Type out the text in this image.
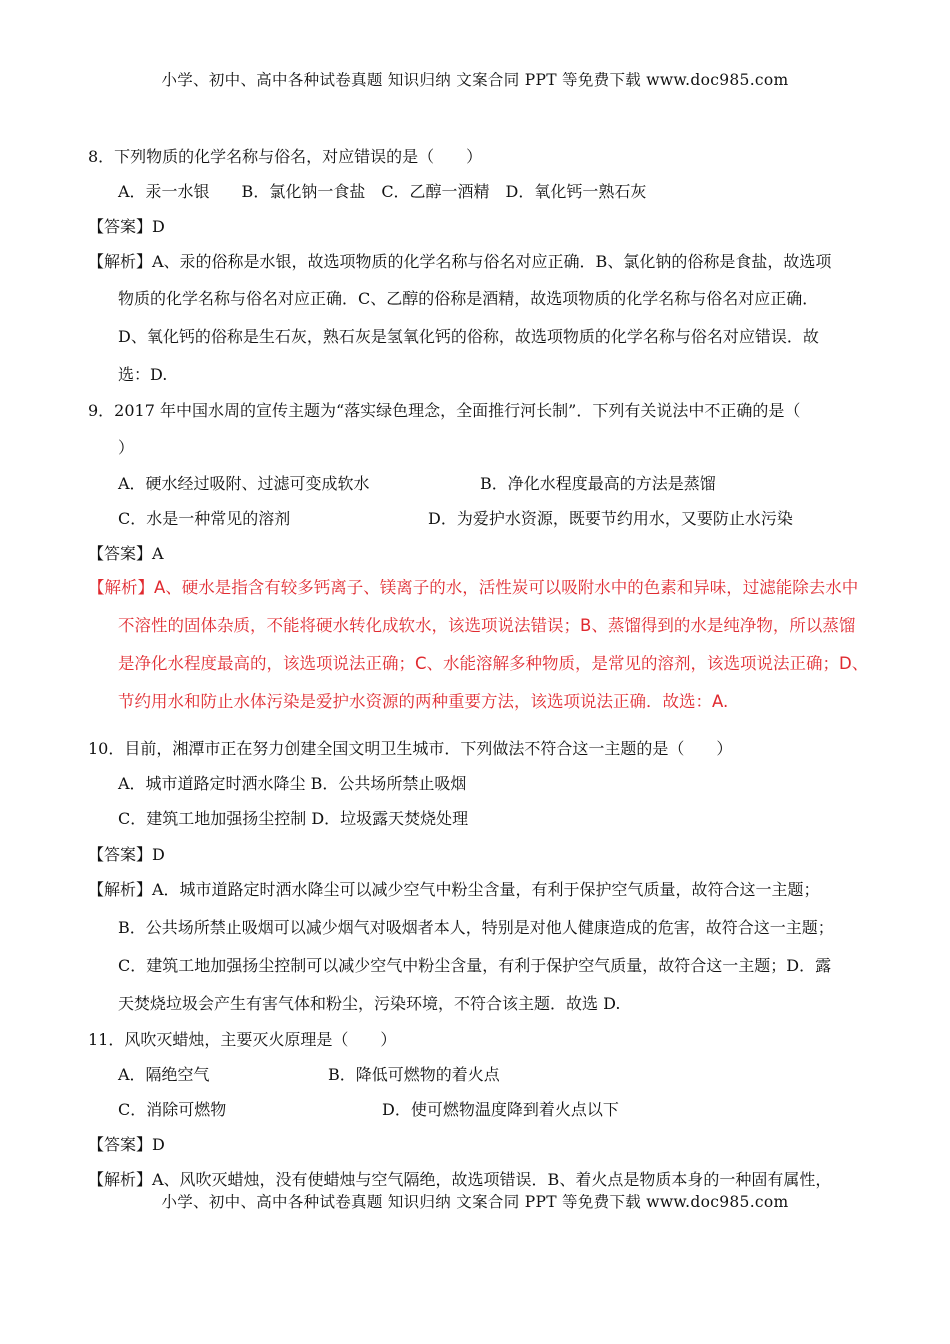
小学、初中、高中各种试卷真题 知识归纳 文案合同 PPT 等免费下载 www.doc985.com
8．下列物质的化学名称与俗名，对应错误的是（　　）
A．汞一水银　　B．氯化钠一食盐　C．乙醇一酒精　D．氧化钙一熟石灰
【答案】D
【解析】A、汞的俗称是水银，故选项物质的化学名称与俗名对应正确．B、氯化钠的俗称是食盐，故选项
物质的化学名称与俗名对应正确．C、乙醇的俗称是酒精，故选项物质的化学名称与俗名对应正确．
D、氧化钙的俗称是生石灰，熟石灰是氢氧化钙的俗称，故选项物质的化学名称与俗名对应错误．故
选：D.
9．2017 年中国水周的宣传主题为“落实绿色理念，全面推行河长制”．下列有关说法中不正确的是（
）
A．硬水经过吸附、过滤可变成软水	B．净化水程度最高的方法是蒸馏
C．水是一种常见的溶剂	D．为爱护水资源，既要节约用水，又要防止水污染
【答案】A
【解析】A、硬水是指含有较多钙离子、镁离子的水，活性炭可以吸附水中的色素和异味，过滤能除去水中
不溶性的固体杂质，不能将硬水转化成软水，该选项说法错误；B、蒸馏得到的水是纯净物，所以蒸馏
是净化水程度最高的，该选项说法正确；C、水能溶解多种物质，是常见的溶剂，该选项说法正确；D、
节约用水和防止水体污染是爱护水资源的两种重要方法，该选项说法正确．故选：A.
10．目前，湘潭市正在努力创建全国文明卫生城市．下列做法不符合这一主题的是（　　）
A．城市道路定时洒水降尘 B．公共场所禁止吸烟
C．建筑工地加强扬尘控制 D．垃圾露天焚烧处理
【答案】D
【解析】A．城市道路定时洒水降尘可以减少空气中粉尘含量，有利于保护空气质量，故符合这一主题；
B．公共场所禁止吸烟可以减少烟气对吸烟者本人，特别是对他人健康造成的危害，故符合这一主题；
C．建筑工地加强扬尘控制可以减少空气中粉尘含量，有利于保护空气质量，故符合这一主题；D．露
天焚烧垃圾会产生有害气体和粉尘，污染环境，不符合该主题．故选 D.
11．风吹灭蜡烛，主要灭火原理是（　　）
A．隔绝空气	B．降低可燃物的着火点
C．消除可燃物	D．使可燃物温度降到着火点以下
【答案】D
【解析】A、风吹灭蜡烛，没有使蜡烛与空气隔绝，故选项错误．B、着火点是物质本身的一种固有属性，
小学、初中、高中各种试卷真题 知识归纳 文案合同 PPT 等免费下载 www.doc985.com
